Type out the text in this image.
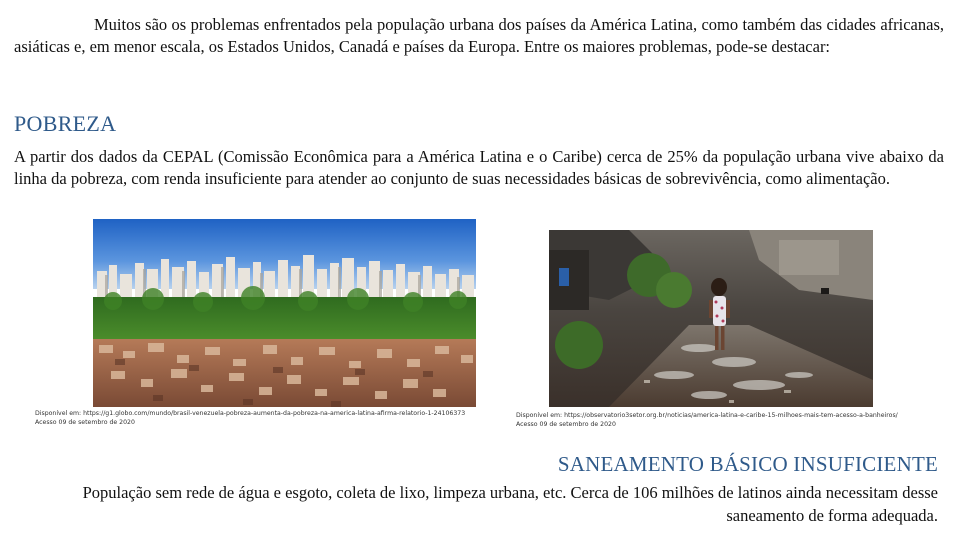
Muitos são os problemas enfrentados pela população urbana dos países da América Latina, como também das cidades africanas, asiáticas e, em menor escala, os Estados Unidos, Canadá e países da Europa. Entre os maiores problemas, pode-se destacar:

POBREZA

A partir dos dados da CEPAL (Comissão Econômica para a América Latina e o Caribe) cerca de 25% da população urbana vive abaixo da linha da pobreza, com renda insuficiente para atender ao conjunto de suas necessidades básicas de sobrevivência, como alimentação.

Disponível em: https://g1.globo.com/mundo/brasil-venezuela-pobreza-aumenta-da-pobreza-na-america-latina-afirma-relatorio-1-24106373
Acesso 09 de setembro de 2020
Disponível em: https://observatorio3setor.org.br/noticias/america-latina-e-caribe-15-milhoes-mais-tem-acesso-a-banheiros/
Acesso 09 de setembro de 2020
SANEAMENTO BÁSICO INSUFICIENTE

População sem rede de água e esgoto, coleta de lixo, limpeza urbana, etc. Cerca de 106 milhões de latinos ainda necessitam desse saneamento de forma adequada.
